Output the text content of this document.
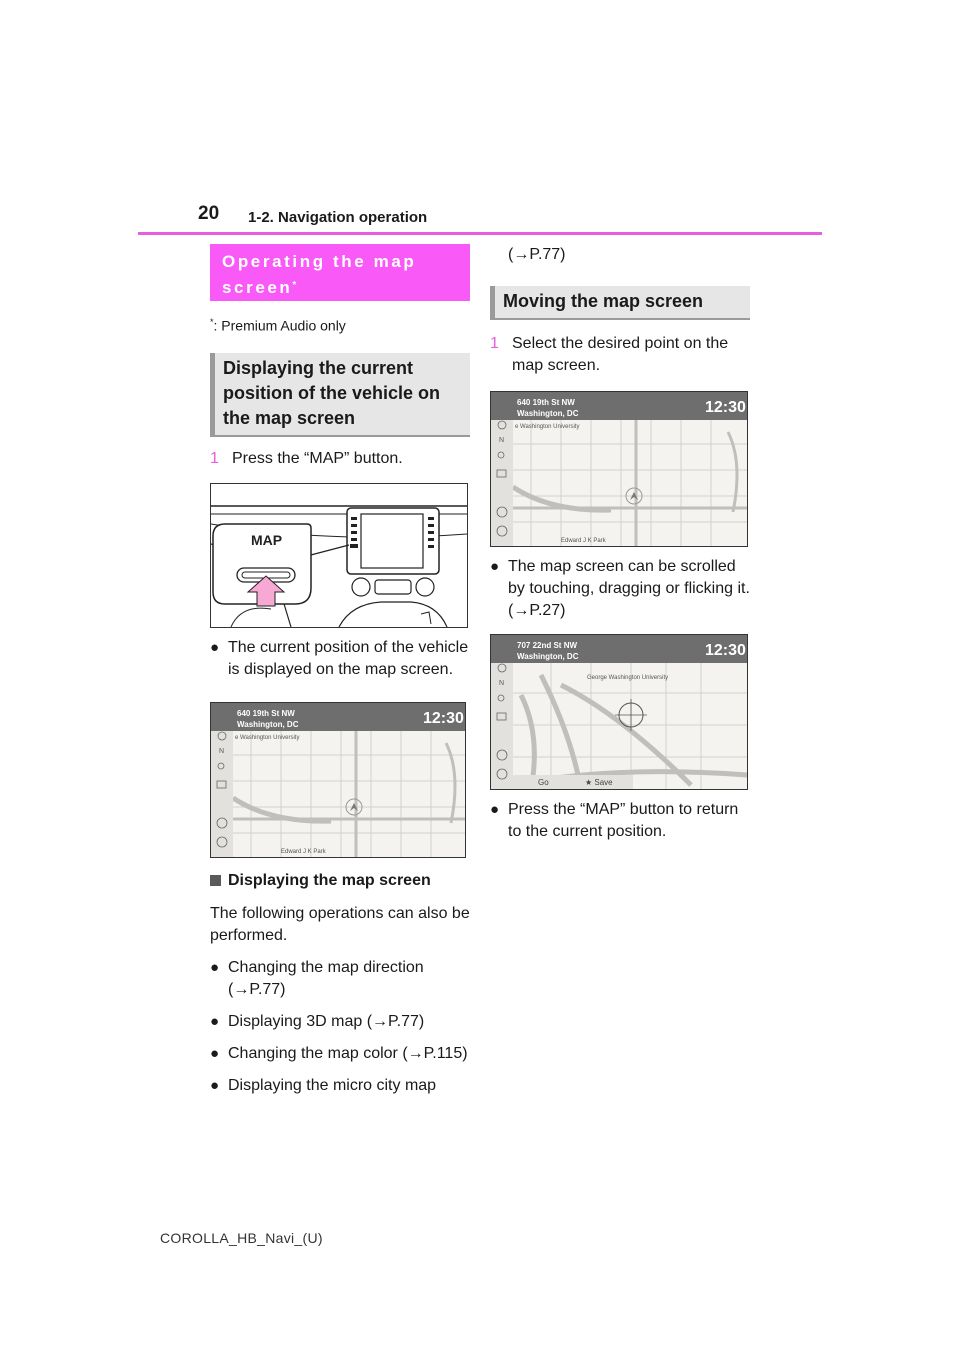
20 1-2. Navigation operation
Operating the map screen*
*: Premium Audio only
Displaying the current position of the vehicle on the map screen
1 Press the “MAP” button.
MAP
● The current position of the vehicle is displayed on the map screen.
640 19th St NW
Washington, DC	12:30
e Washington University
N
Edward J K Park
Displaying the map screen
The following operations can also be performed.
● Changing the map direction (→P.77)
● Displaying 3D map (→P.77)
● Changing the map color (→P.115)
● Displaying the micro city map
(→P.77)
Moving the map screen
1 Select the desired point on the map screen.
640 19th St NW
Washington, DC	12:30
e Washington University
N
Edward J K Park
● The map screen can be scrolled by touching, dragging or flicking it. (→P.27)
707 22nd St NW
Washington, DC	12:30
George Washington University
N
Go	★ Save
● Press the “MAP” button to return to the current position.
COROLLA_HB_Navi_(U)
